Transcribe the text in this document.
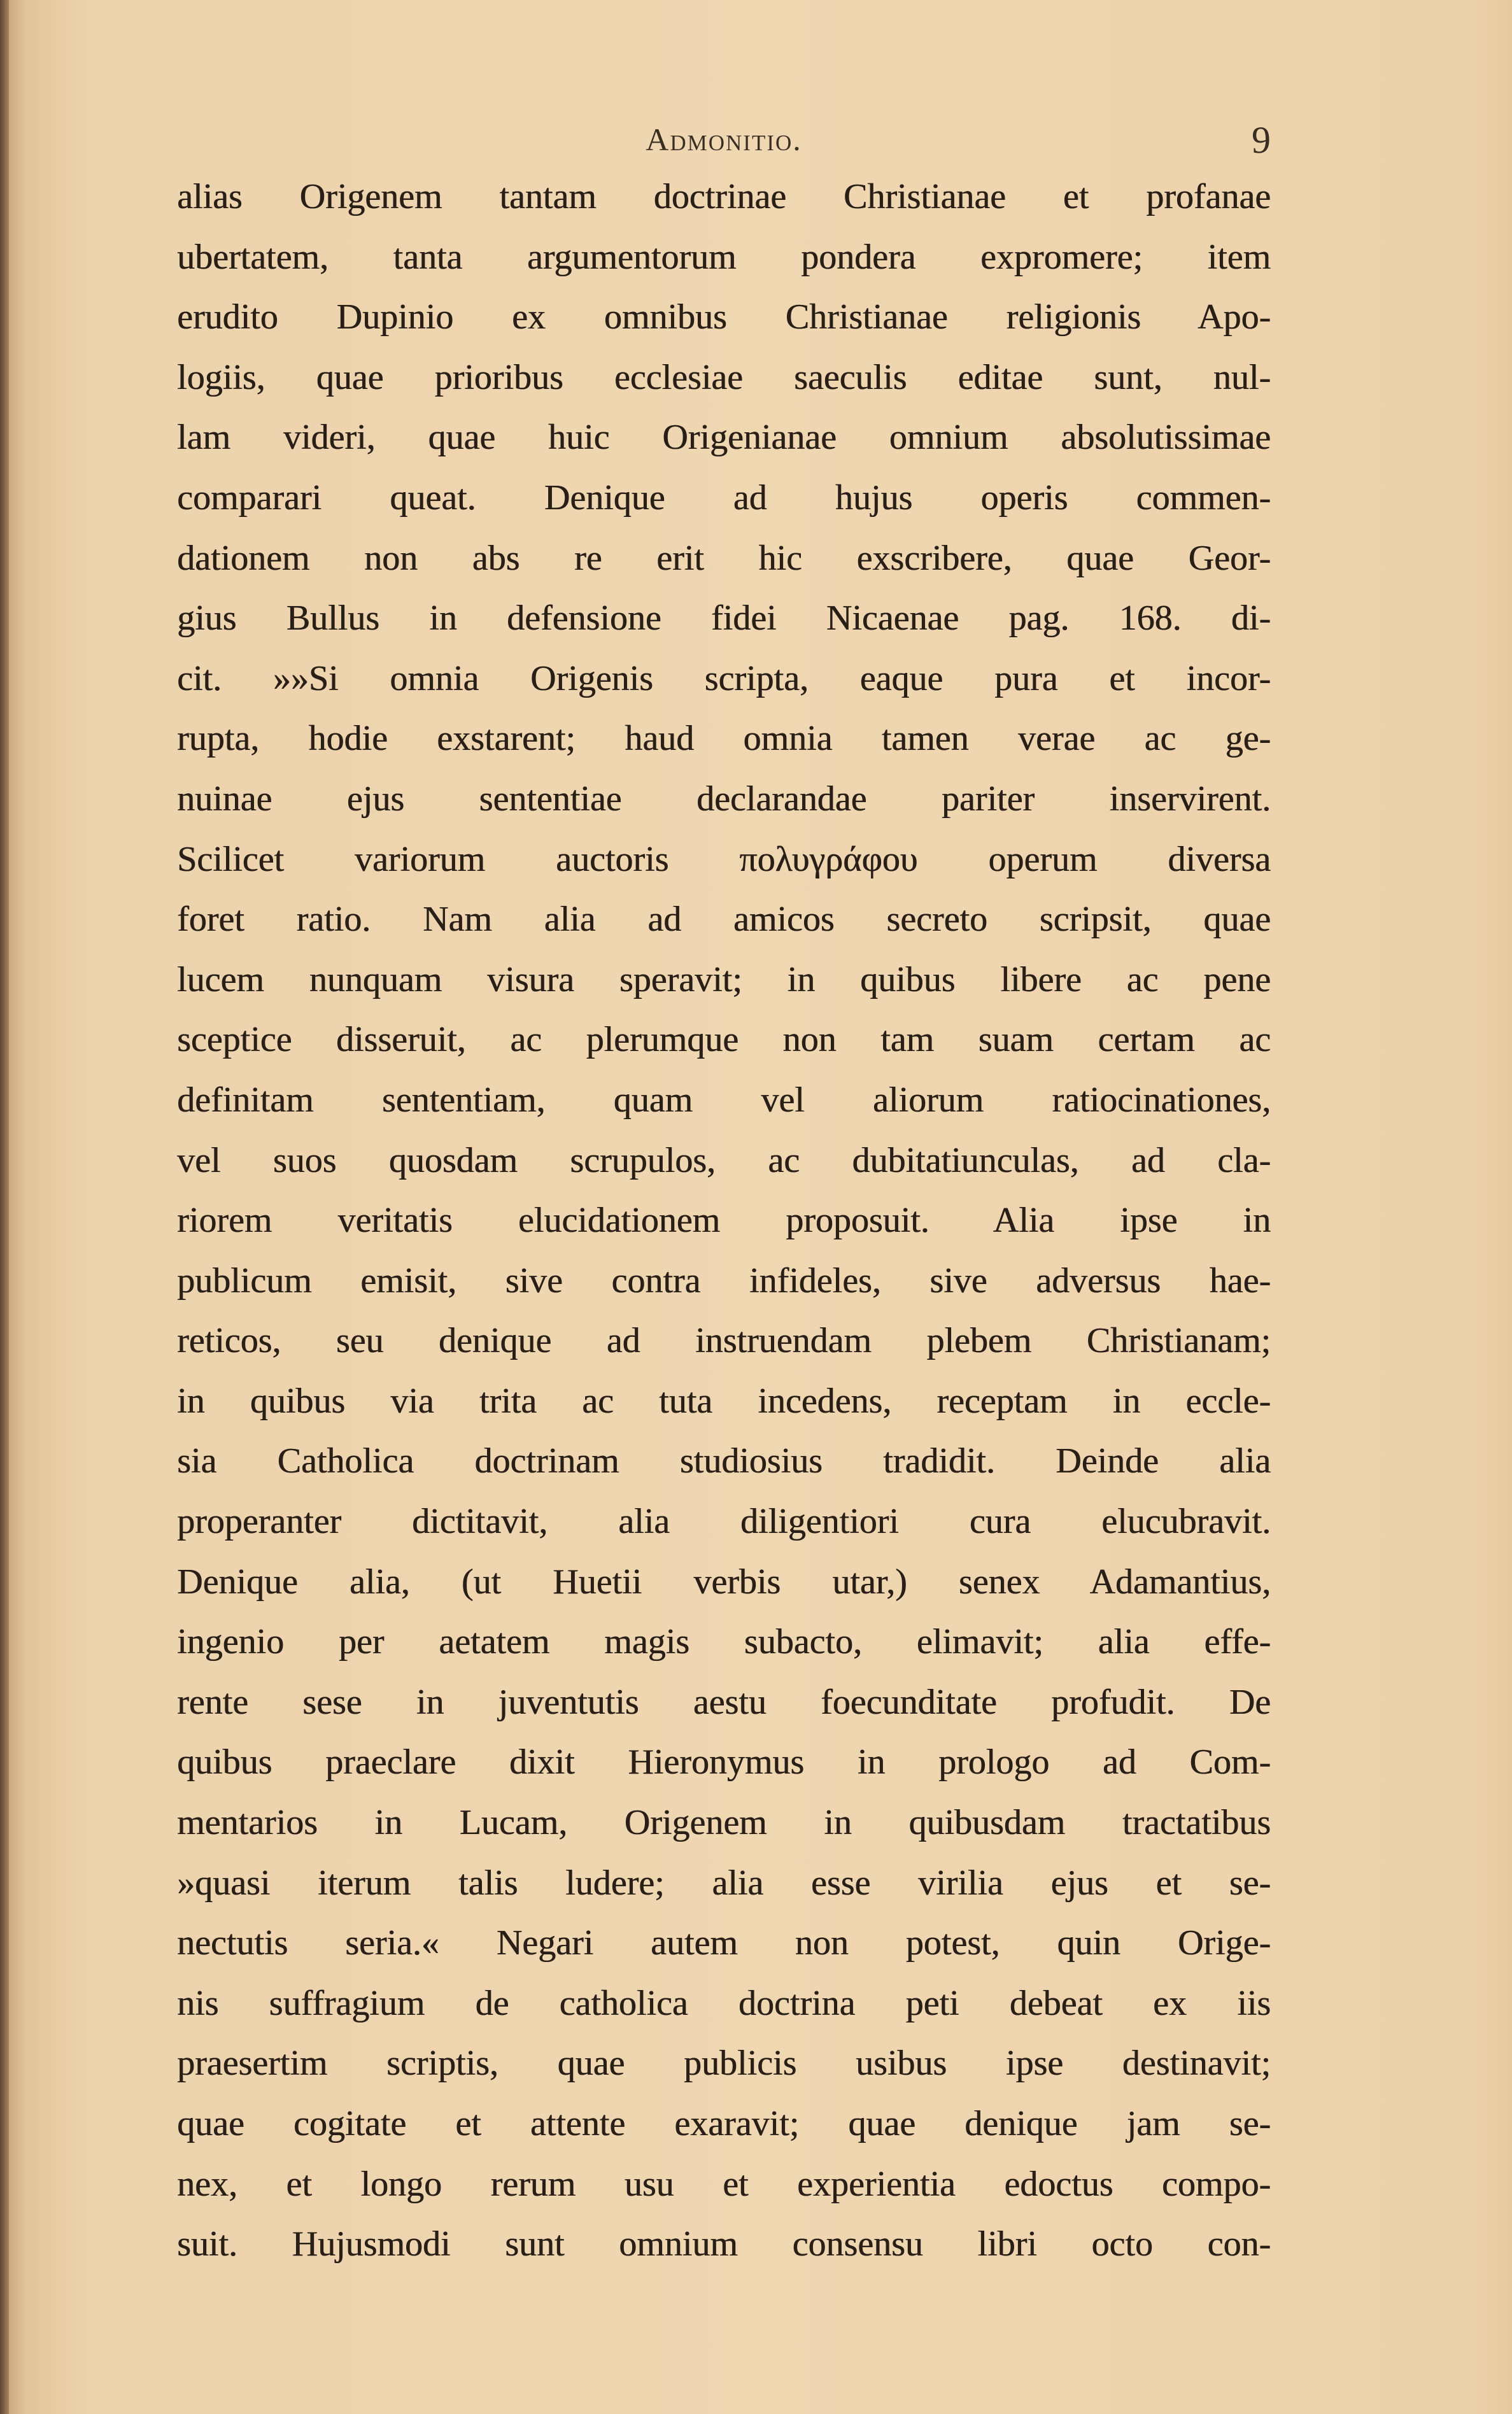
Admonitio.	9
alias Origenem tantam doctrinae Christianae et profanae
ubertatem, tanta argumentorum pondera expromere; item
erudito Dupinio ex omnibus Christianae religionis Apo-
logiis, quae prioribus ecclesiae saeculis editae sunt, nul-
lam videri, quae huic Origenianae omnium absolutissimae
comparari queat. Denique ad hujus operis commen-
dationem non abs re erit hic exscribere, quae Geor-
gius Bullus in defensione fidei Nicaenae pag. 168. di-
cit. »»Si omnia Origenis scripta, eaque pura et incor-
rupta, hodie exstarent; haud omnia tamen verae ac ge-
nuinae ejus sententiae declarandae pariter inservirent.
Scilicet variorum auctoris πολυγράφου operum diversa
foret ratio. Nam alia ad amicos secreto scripsit, quae
lucem nunquam visura speravit; in quibus libere ac pene
sceptice disseruit, ac plerumque non tam suam certam ac
definitam sententiam, quam vel aliorum ratiocinationes,
vel suos quosdam scrupulos, ac dubitatiunculas, ad cla-
riorem veritatis elucidationem proposuit. Alia ipse in
publicum emisit, sive contra infideles, sive adversus hae-
reticos, seu denique ad instruendam plebem Christianam;
in quibus via trita ac tuta incedens, receptam in eccle-
sia Catholica doctrinam studiosius tradidit. Deinde alia
properanter dictitavit, alia diligentiori cura elucubravit.
Denique alia, (ut Huetii verbis utar,) senex Adamantius,
ingenio per aetatem magis subacto, elimavit; alia effe-
rente sese in juventutis aestu foecunditate profudit. De
quibus praeclare dixit Hieronymus in prologo ad Com-
mentarios in Lucam, Origenem in quibusdam tractatibus
»quasi iterum talis ludere; alia esse virilia ejus et se-
nectutis seria.« Negari autem non potest, quin Orige-
nis suffragium de catholica doctrina peti debeat ex iis
praesertim scriptis, quae publicis usibus ipse destinavit;
quae cogitate et attente exaravit; quae denique jam se-
nex, et longo rerum usu et experientia edoctus compo-
suit. Hujusmodi sunt omnium consensu libri octo con-
